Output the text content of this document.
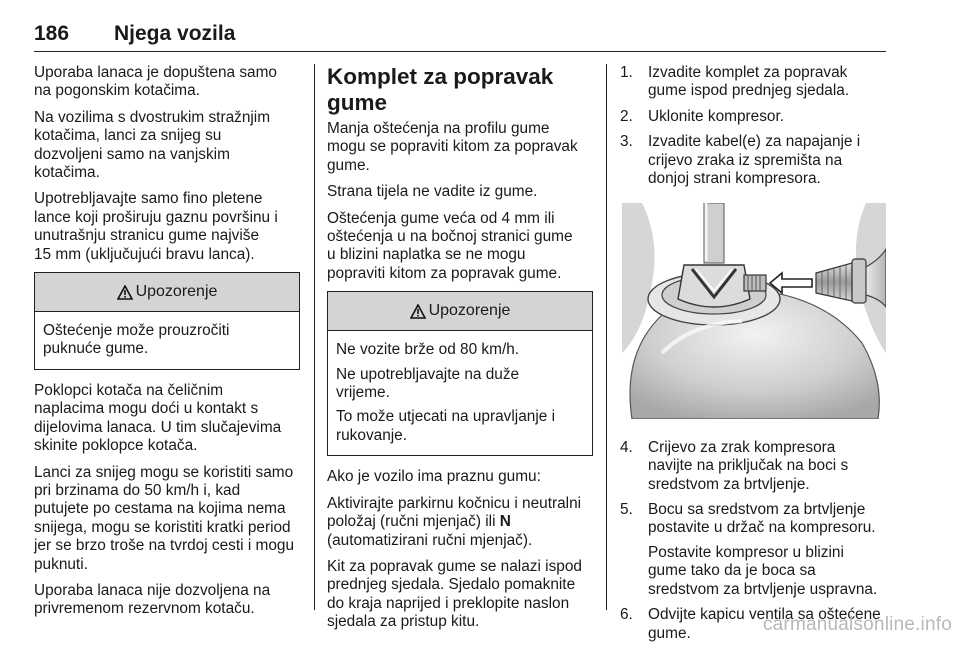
186 Njega vozila

Uporaba lanaca je dopuštena samo
na pogonskim kotačima.

Na vozilima s dvostrukim stražnjim
kotačima, lanci za snijeg su
dozvoljeni samo na vanjskim
kotačima.

Upotrebljavajte samo fino pletene
lance koji proširuju gaznu površinu i
unutrašnju stranicu gume najviše
15 mm (uključujući bravu lanca).

Upozorenje

Oštećenje može prouzročiti
puknuće gume.

Poklopci kotača na čeličnim
naplacima mogu doći u kontakt s
dijelovima lanaca. U tim slučajevima
skinite poklopce kotača.

Lanci za snijeg mogu se koristiti samo
pri brzinama do 50 km/h i, kad
putujete po cestama na kojima nema
snijega, mogu se koristiti kratki period
jer se brzo troše na tvrdoj cesti i mogu
puknuti.

Uporaba lanaca nije dozvoljena na
privremenom rezervnom kotaču.

Komplet za popravak gume

Manja oštećenja na profilu gume
mogu se popraviti kitom za popravak
gume.

Strana tijela ne vadite iz gume.

Oštećenja gume veća od 4 mm ili
oštećenja u na bočnoj stranici gume
u blizini naplatka se ne mogu
popraviti kitom za popravak gume.

Upozorenje

Ne vozite brže od 80 km/h.

Ne upotrebljavajte na duže
vrijeme.

To može utjecati na upravljanje i
rukovanje.

Ako je vozilo ima praznu gumu:

Aktivirajte parkirnu kočnicu i neutralni
položaj (ručni mjenjač) ili N
(automatizirani ručni mjenjač).

Kit za popravak gume se nalazi ispod
prednjeg sjedala. Sjedalo pomaknite
do kraja naprijed i preklopite naslon
sjedala za pristup kitu.

1. Izvadite komplet za popravak
gume ispod prednjeg sjedala.
2. Uklonite kompresor.
3. Izvadite kabel(e) za napajanje i
crijevo zraka iz spremišta na
donjoj strani kompresora.
4. Crijevo za zrak kompresora
navijte na priključak na boci s
sredstvom za brtvljenje.
5. Bocu sa sredstvom za brtvljenje
postavite u držač na kompresoru.
Postavite kompresor u blizini
gume tako da je boca sa
sredstvom za brtvljenje uspravna.
6. Odvijte kapicu ventila sa oštećene
gume.	carmanualsonline.info
